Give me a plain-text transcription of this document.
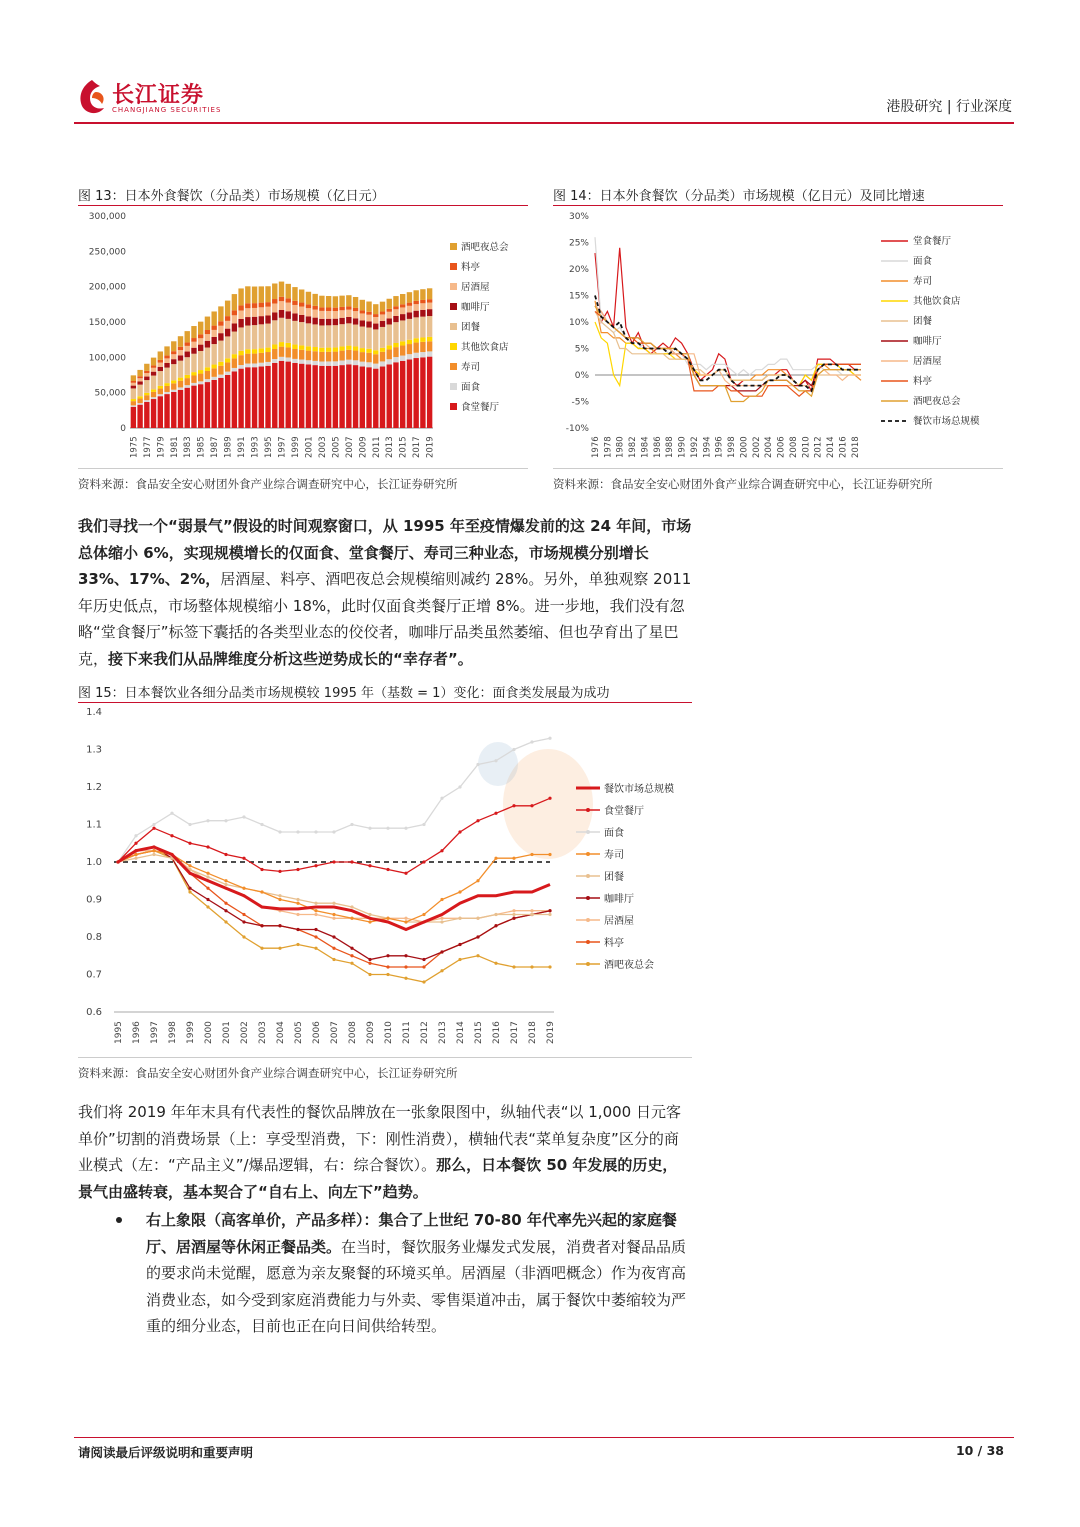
长江证券
CHANGJIANG SECURITIES	港股研究 | 行业深度
图 13：日本外食餐饮（分品类）市场规模（亿日元）
0
50,000
100,000
150,000
200,000
250,000
300,000
1975 1977 1979 1981 1983 1985 1987 1989 1991 1993 1995 1997 1999 2001 2003 2005 2007 2009 2011 2013 2015 2017 2019
酒吧夜总会
料亭
居酒屋
咖啡厅
团餐
其他饮食店
寿司
面食
食堂餐厅
资料来源：食品安全安心财团外食产业综合调查研究中心，长江证券研究所
图 14：日本外食餐饮（分品类）市场规模（亿日元）及同比增速
-10%
-5%
0%
5%
10%
15%
20%
25%
30%
1976 1978 1980 1982 1984 1986 1988 1990 1992 1994 1996 1998 2000 2002 2004 2006 2008 2010 2012 2014 2016 2018
堂食餐厅
面食
寿司
其他饮食店
团餐
咖啡厅
居酒屋
料亭
酒吧夜总会
餐饮市场总规模
资料来源：食品安全安心财团外食产业综合调查研究中心，长江证券研究所
我们寻找一个“弱景气”假设的时间观察窗口，从 1995 年至疫情爆发前的这 24 年间，市场总体缩小 6%，实现规模增长的仅面食、堂食餐厅、寿司三种业态，市场规模分别增长 33%、17%、2%，居酒屋、料亭、酒吧夜总会规模缩则减约 28%。另外，单独观察 2011 年历史低点，市场整体规模缩小 18%，此时仅面食类餐厅正增 8%。进一步地，我们没有忽略“堂食餐厅”标签下囊括的各类型业态的佼佼者，咖啡厅品类虽然萎缩、但也孕育出了星巴克，接下来我们从品牌维度分析这些逆势成长的“幸存者”。
图 15：日本餐饮业各细分品类市场规模较 1995 年（基数 = 1）变化：面食类发展最为成功
0.6
0.7
0.8
0.9
1.0
1.1
1.2
1.3
1.4
1995 1996 1997 1998 1999 2000 2001 2002 2003 2004 2005 2006 2007 2008 2009 2010 2011 2012 2013 2014 2015 2016 2017 2018 2019
餐饮市场总规模
食堂餐厅
面食
寿司
团餐
咖啡厅
居酒屋
料亭
酒吧夜总会
资料来源：食品安全安心财团外食产业综合调查研究中心，长江证券研究所
我们将 2019 年年末具有代表性的餐饮品牌放在一张象限图中，纵轴代表“以 1,000 日元客单价”切割的消费场景（上：享受型消费，下：刚性消费），横轴代表“菜单复杂度”区分的商业模式（左：“产品主义”/爆品逻辑，右：综合餐饮）。那么，日本餐饮 50 年发展的历史，景气由盛转衰，基本契合了“自右上、向左下”趋势。
右上象限（高客单价，产品多样）：集合了上世纪 70-80 年代率先兴起的家庭餐厅、居酒屋等休闲正餐品类。在当时，餐饮服务业爆发式发展，消费者对餐品品质的要求尚未觉醒，愿意为亲友聚餐的环境买单。居酒屋（非酒吧概念）作为夜宵高消费业态，如今受到家庭消费能力与外卖、零售渠道冲击，属于餐饮中萎缩较为严重的细分业态，目前也正在向日间供给转型。
请阅读最后评级说明和重要声明	10 / 38
